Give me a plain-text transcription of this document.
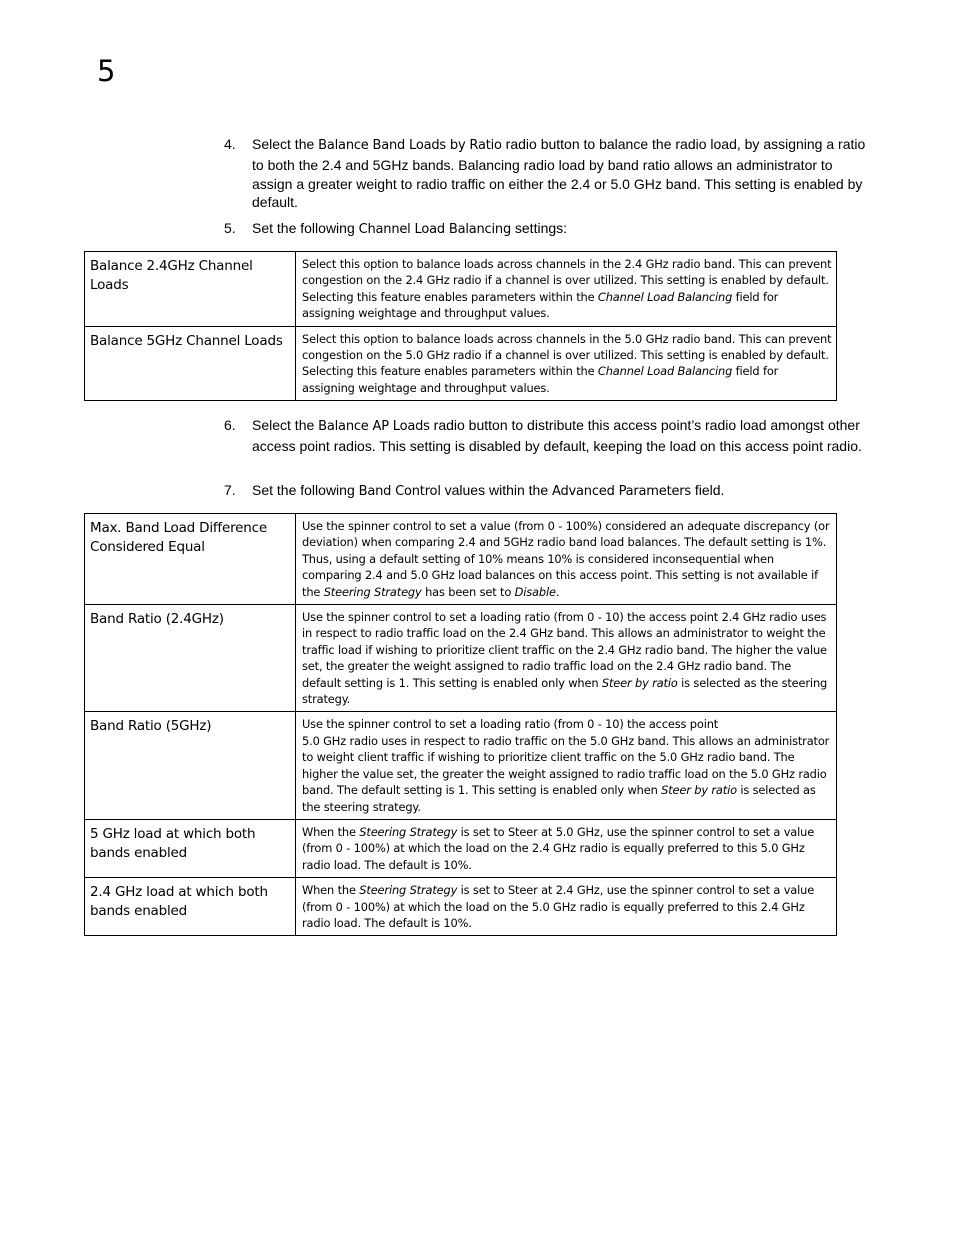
5
4. Select the Balance Band Loads by Ratio radio button to balance the radio load, by assigning a ratio to both the 2.4 and 5GHz bands. Balancing radio load by band ratio allows an administrator to assign a greater weight to radio traffic on either the 2.4 or 5.0 GHz band. This setting is enabled by default.
5. Set the following Channel Load Balancing settings:
Balance 2.4GHz Channel Loads	Select this option to balance loads across channels in the 2.4 GHz radio band. This can prevent congestion on the 2.4 GHz radio if a channel is over utilized. This setting is enabled by default. Selecting this feature enables parameters within the Channel Load Balancing field for assigning weightage and throughput values.
Balance 5GHz Channel Loads	Select this option to balance loads across channels in the 5.0 GHz radio band. This can prevent congestion on the 5.0 GHz radio if a channel is over utilized. This setting is enabled by default. Selecting this feature enables parameters within the Channel Load Balancing field for assigning weightage and throughput values.
6. Select the Balance AP Loads radio button to distribute this access point’s radio load amongst other access point radios. This setting is disabled by default, keeping the load on this access point radio.
7. Set the following Band Control values within the Advanced Parameters field.
Max. Band Load Difference Considered Equal	Use the spinner control to set a value (from 0 - 100%) considered an adequate discrepancy (or deviation) when comparing 2.4 and 5GHz radio band load balances. The default setting is 1%. Thus, using a default setting of 10% means 10% is considered inconsequential when comparing 2.4 and 5.0 GHz load balances on this access point. This setting is not available if the Steering Strategy has been set to Disable.
Band Ratio (2.4GHz)	Use the spinner control to set a loading ratio (from 0 - 10) the access point 2.4 GHz radio uses in respect to radio traffic load on the 2.4 GHz band. This allows an administrator to weight the traffic load if wishing to prioritize client traffic on the 2.4 GHz radio band. The higher the value set, the greater the weight assigned to radio traffic load on the 2.4 GHz radio band. The default setting is 1. This setting is enabled only when Steer by ratio is selected as the steering strategy.
Band Ratio (5GHz)	Use the spinner control to set a loading ratio (from 0 - 10) the access point
5.0 GHz radio uses in respect to radio traffic on the 5.0 GHz band. This allows an administrator to weight client traffic if wishing to prioritize client traffic on the 5.0 GHz radio band. The higher the value set, the greater the weight assigned to radio traffic load on the 5.0 GHz radio band. The default setting is 1. This setting is enabled only when Steer by ratio is selected as the steering strategy.
5 GHz load at which both bands enabled	When the Steering Strategy is set to Steer at 5.0 GHz, use the spinner control to set a value (from 0 - 100%) at which the load on the 2.4 GHz radio is equally preferred to this 5.0 GHz radio load. The default is 10%.
2.4 GHz load at which both bands enabled	When the Steering Strategy is set to Steer at 2.4 GHz, use the spinner control to set a value (from 0 - 100%) at which the load on the 5.0 GHz radio is equally preferred to this 2.4 GHz radio load. The default is 10%.
